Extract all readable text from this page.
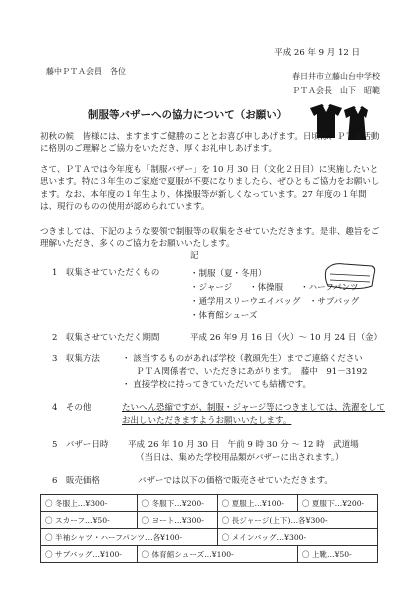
平成 26 年 9 月 12 日
藤中ＰＴＡ会員　各位
春日井市立藤山台中学校
ＰＴＡ会長　山下　昭範
制服等バザーへの協力について（お願い）
初秋の候　皆様には、ますますご健勝のこととお喜び申しあげます。日頃は、ＰＴＡ活動に格別のご理解とご協力をいただき、厚くお礼申しあげます。
さて、ＰＴＡでは今年度も「制服バザー」を 10 月 30 日（文化２日目）に実施したいと思います。特に３年生のご家庭で夏服が不要になりましたら、ぜひともご協力をお願いします。なお、本年度の１年生より、体操服等が新しくなっています。27 年度の１年間は、現行のものの使用が認められています。
つきましては、下記のような要領で制服等の収集をさせていただきます。是非、趣旨をご理解いただき、多くのご協力をお願いいたします。
記
1　収集させていただくもの	・制服（夏・冬用）
・ジャージ　　・体操服　　・ハーフパンツ
・通学用スリーウエイバッグ　・サブバッグ
・体育館シューズ
2　収集させていただく期間	平成 26 年9 月 16 日（火）～ 10 月 24 日（金）
3　収集方法	・ 該当するものがあれば学校（教頭先生）までご連絡ください
ＰＴＡ関係者で、いただきにあがります。　藤中　91－3192
・ 直接学校に持ってきていただいても結構です。
4　その他	たいへん恐縮ですが、制服・ジャージ等につきましては、洗濯をして
お出しいただきますようお願いいたします。
5　バザー日時 平成 26 年 10 月 30 日　午前 9 時 30 分 ～ 12 時　武道場
（当日は、集めた学校用品類がバザーに出されます。）
6　販売価格	バザーでは以下の価格で販売させていただきます。
〇 冬服上…¥300-	〇 冬服下…¥200-	〇 夏服上…¥100-	〇 夏服下…¥200-
〇 スカーフ…¥50-	〇 ヨート…¥300-	〇 長ジャージ(上下)…各¥300-	
〇 半袖シャツ・ハーフパンツ…各¥100-		〇 メインバッグ…¥300-	
〇 サブバッグ…¥100-	〇 体育館シューズ…¥100-		〇 上靴…¥50-
